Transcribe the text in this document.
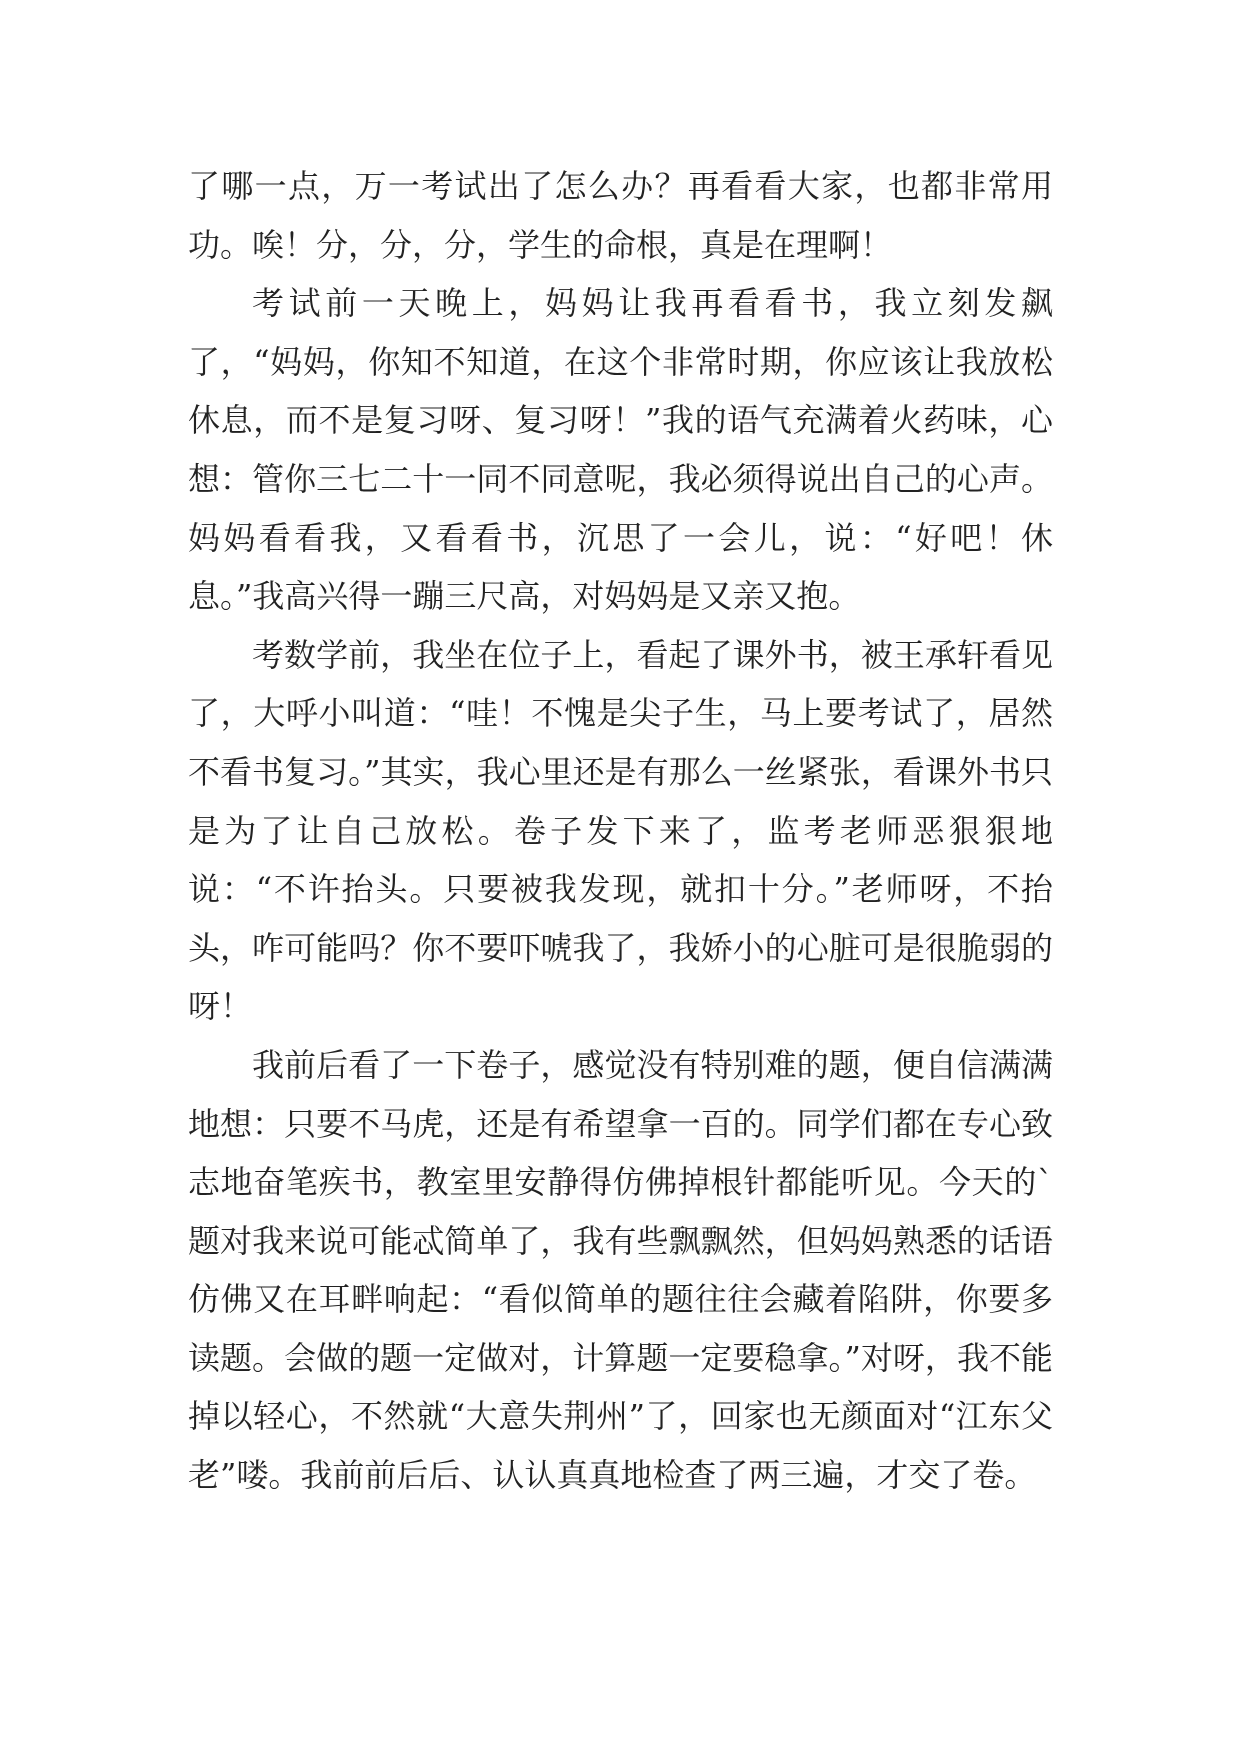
了哪一点，万一考试出了怎么办？再看看大家，也都非常用功。唉！分，分，分，学生的命根，真是在理啊！

考试前一天晚上，妈妈让我再看看书，我立刻发飙了，“妈妈，你知不知道，在这个非常时期，你应该让我放松休息，而不是复习呀、复习呀！”我的语气充满着火药味，心想：管你三七二十一同不同意呢，我必须得说出自己的心声。妈妈看看我，又看看书，沉思了一会儿，说：“好吧！休息。”我高兴得一蹦三尺高，对妈妈是又亲又抱。

考数学前，我坐在位子上，看起了课外书，被王承轩看见了，大呼小叫道：“哇！不愧是尖子生，马上要考试了，居然不看书复习。”其实，我心里还是有那么一丝紧张，看课外书只是为了让自己放松。卷子发下来了，监考老师恶狠狠地说：“不许抬头。只要被我发现，就扣十分。”老师呀，不抬头，咋可能吗？你不要吓唬我了，我娇小的心脏可是很脆弱的呀！

我前后看了一下卷子，感觉没有特别难的题，便自信满满地想：只要不马虎，还是有希望拿一百的。同学们都在专心致志地奋笔疾书，教室里安静得仿佛掉根针都能听见。今天的`题对我来说可能忒简单了，我有些飘飘然，但妈妈熟悉的话语仿佛又在耳畔响起：“看似简单的题往往会藏着陷阱，你要多读题。会做的题一定做对，计算题一定要稳拿。”对呀，我不能掉以轻心，不然就“大意失荆州”了，回家也无颜面对“江东父老”喽。我前前后后、认认真真地检查了两三遍，才交了卷。
